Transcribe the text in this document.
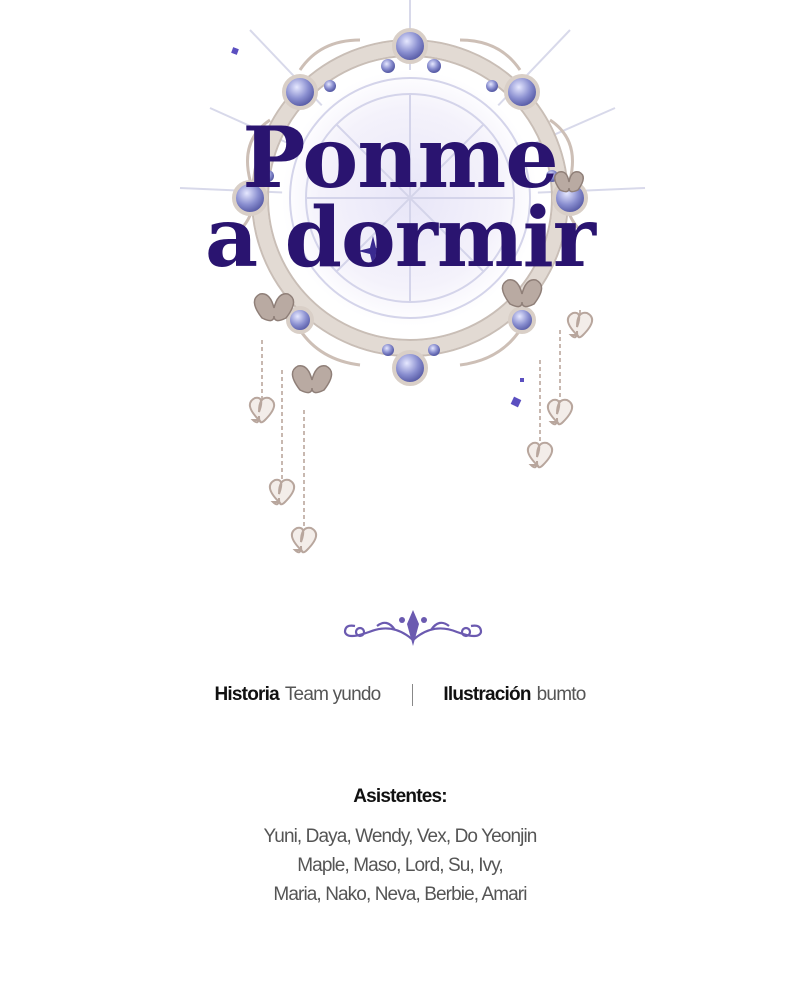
Ponme
a dormir
Historia Team yundo	Ilustración bumto
Asistentes:
Yuni, Daya, Wendy, Vex, Do Yeonjin
Maple, Maso, Lord, Su, Ivy,
Maria, Nako, Neva, Berbie, Amari
